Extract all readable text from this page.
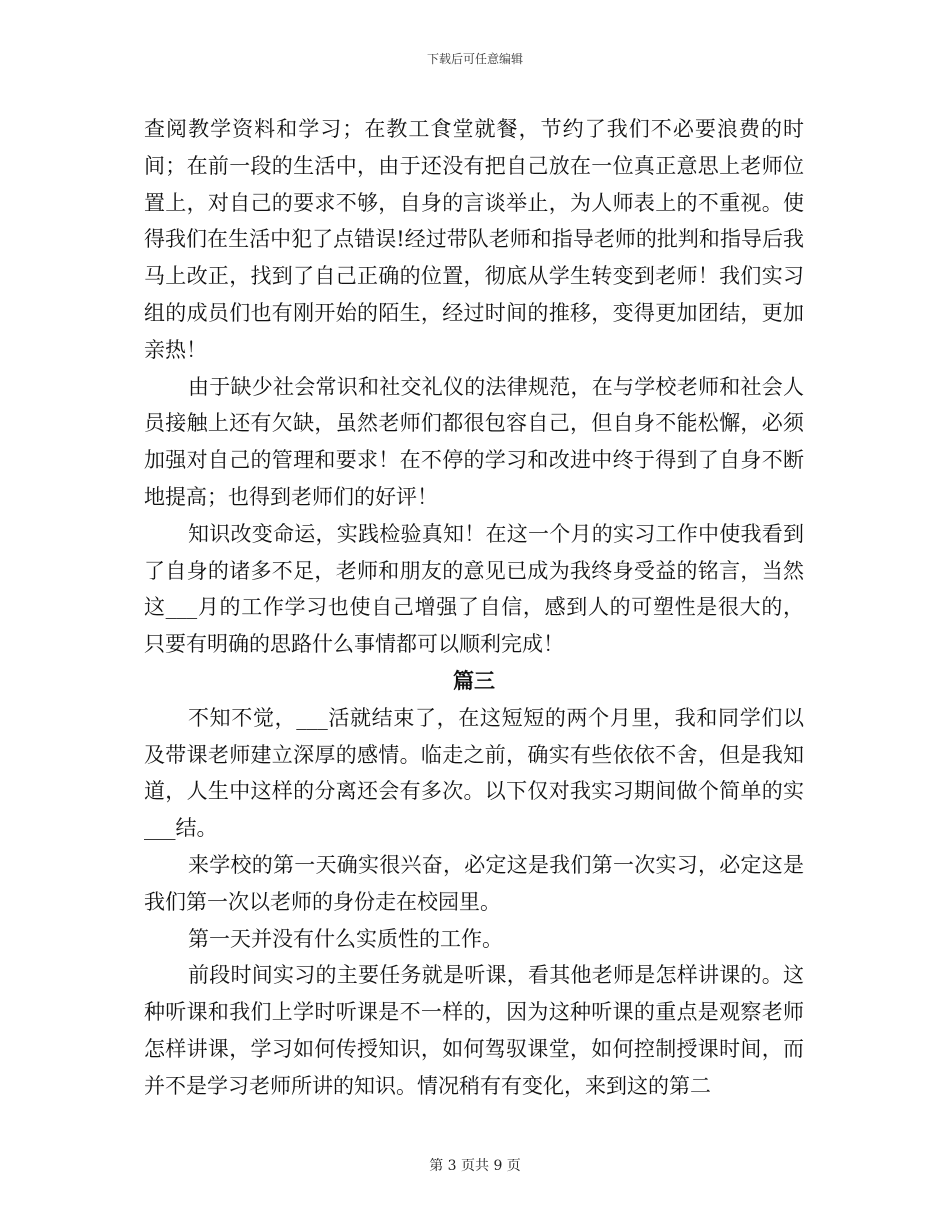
下载后可任意编辑

查阅教学资料和学习；在教工食堂就餐，节约了我们不必要浪费的时间；在前一段的生活中，由于还没有把自己放在一位真正意思上老师位置上，对自己的要求不够，自身的言谈举止，为人师表上的不重视。使得我们在生活中犯了点错误!经过带队老师和指导老师的批判和指导后我马上改正，找到了自己正确的位置，彻底从学生转变到老师！我们实习组的成员们也有刚开始的陌生，经过时间的推移，变得更加团结，更加亲热！

由于缺少社会常识和社交礼仪的法律规范，在与学校老师和社会人员接触上还有欠缺，虽然老师们都很包容自己，但自身不能松懈，必须加强对自己的管理和要求！在不停的学习和改进中终于得到了自身不断地提高；也得到老师们的好评！

知识改变命运，实践检验真知！在这一个月的实习工作中使我看到了自身的诸多不足，老师和朋友的意见已成为我终身受益的铭言，当然这___月的工作学习也使自己增强了自信，感到人的可塑性是很大的，只要有明确的思路什么事情都可以顺利完成！

篇三

不知不觉，___活就结束了，在这短短的两个月里，我和同学们以及带课老师建立深厚的感情。临走之前，确实有些依依不舍，但是我知道，人生中这样的分离还会有多次。以下仅对我实习期间做个简单的实___结。

来学校的第一天确实很兴奋，必定这是我们第一次实习，必定这是我们第一次以老师的身份走在校园里。

第一天并没有什么实质性的工作。

前段时间实习的主要任务就是听课，看其他老师是怎样讲课的。这种听课和我们上学时听课是不一样的，因为这种听课的重点是观察老师怎样讲课，学习如何传授知识，如何驾驭课堂，如何控制授课时间，而并不是学习老师所讲的知识。情况稍有有变化，来到这的第二

第 3 页共 9 页
